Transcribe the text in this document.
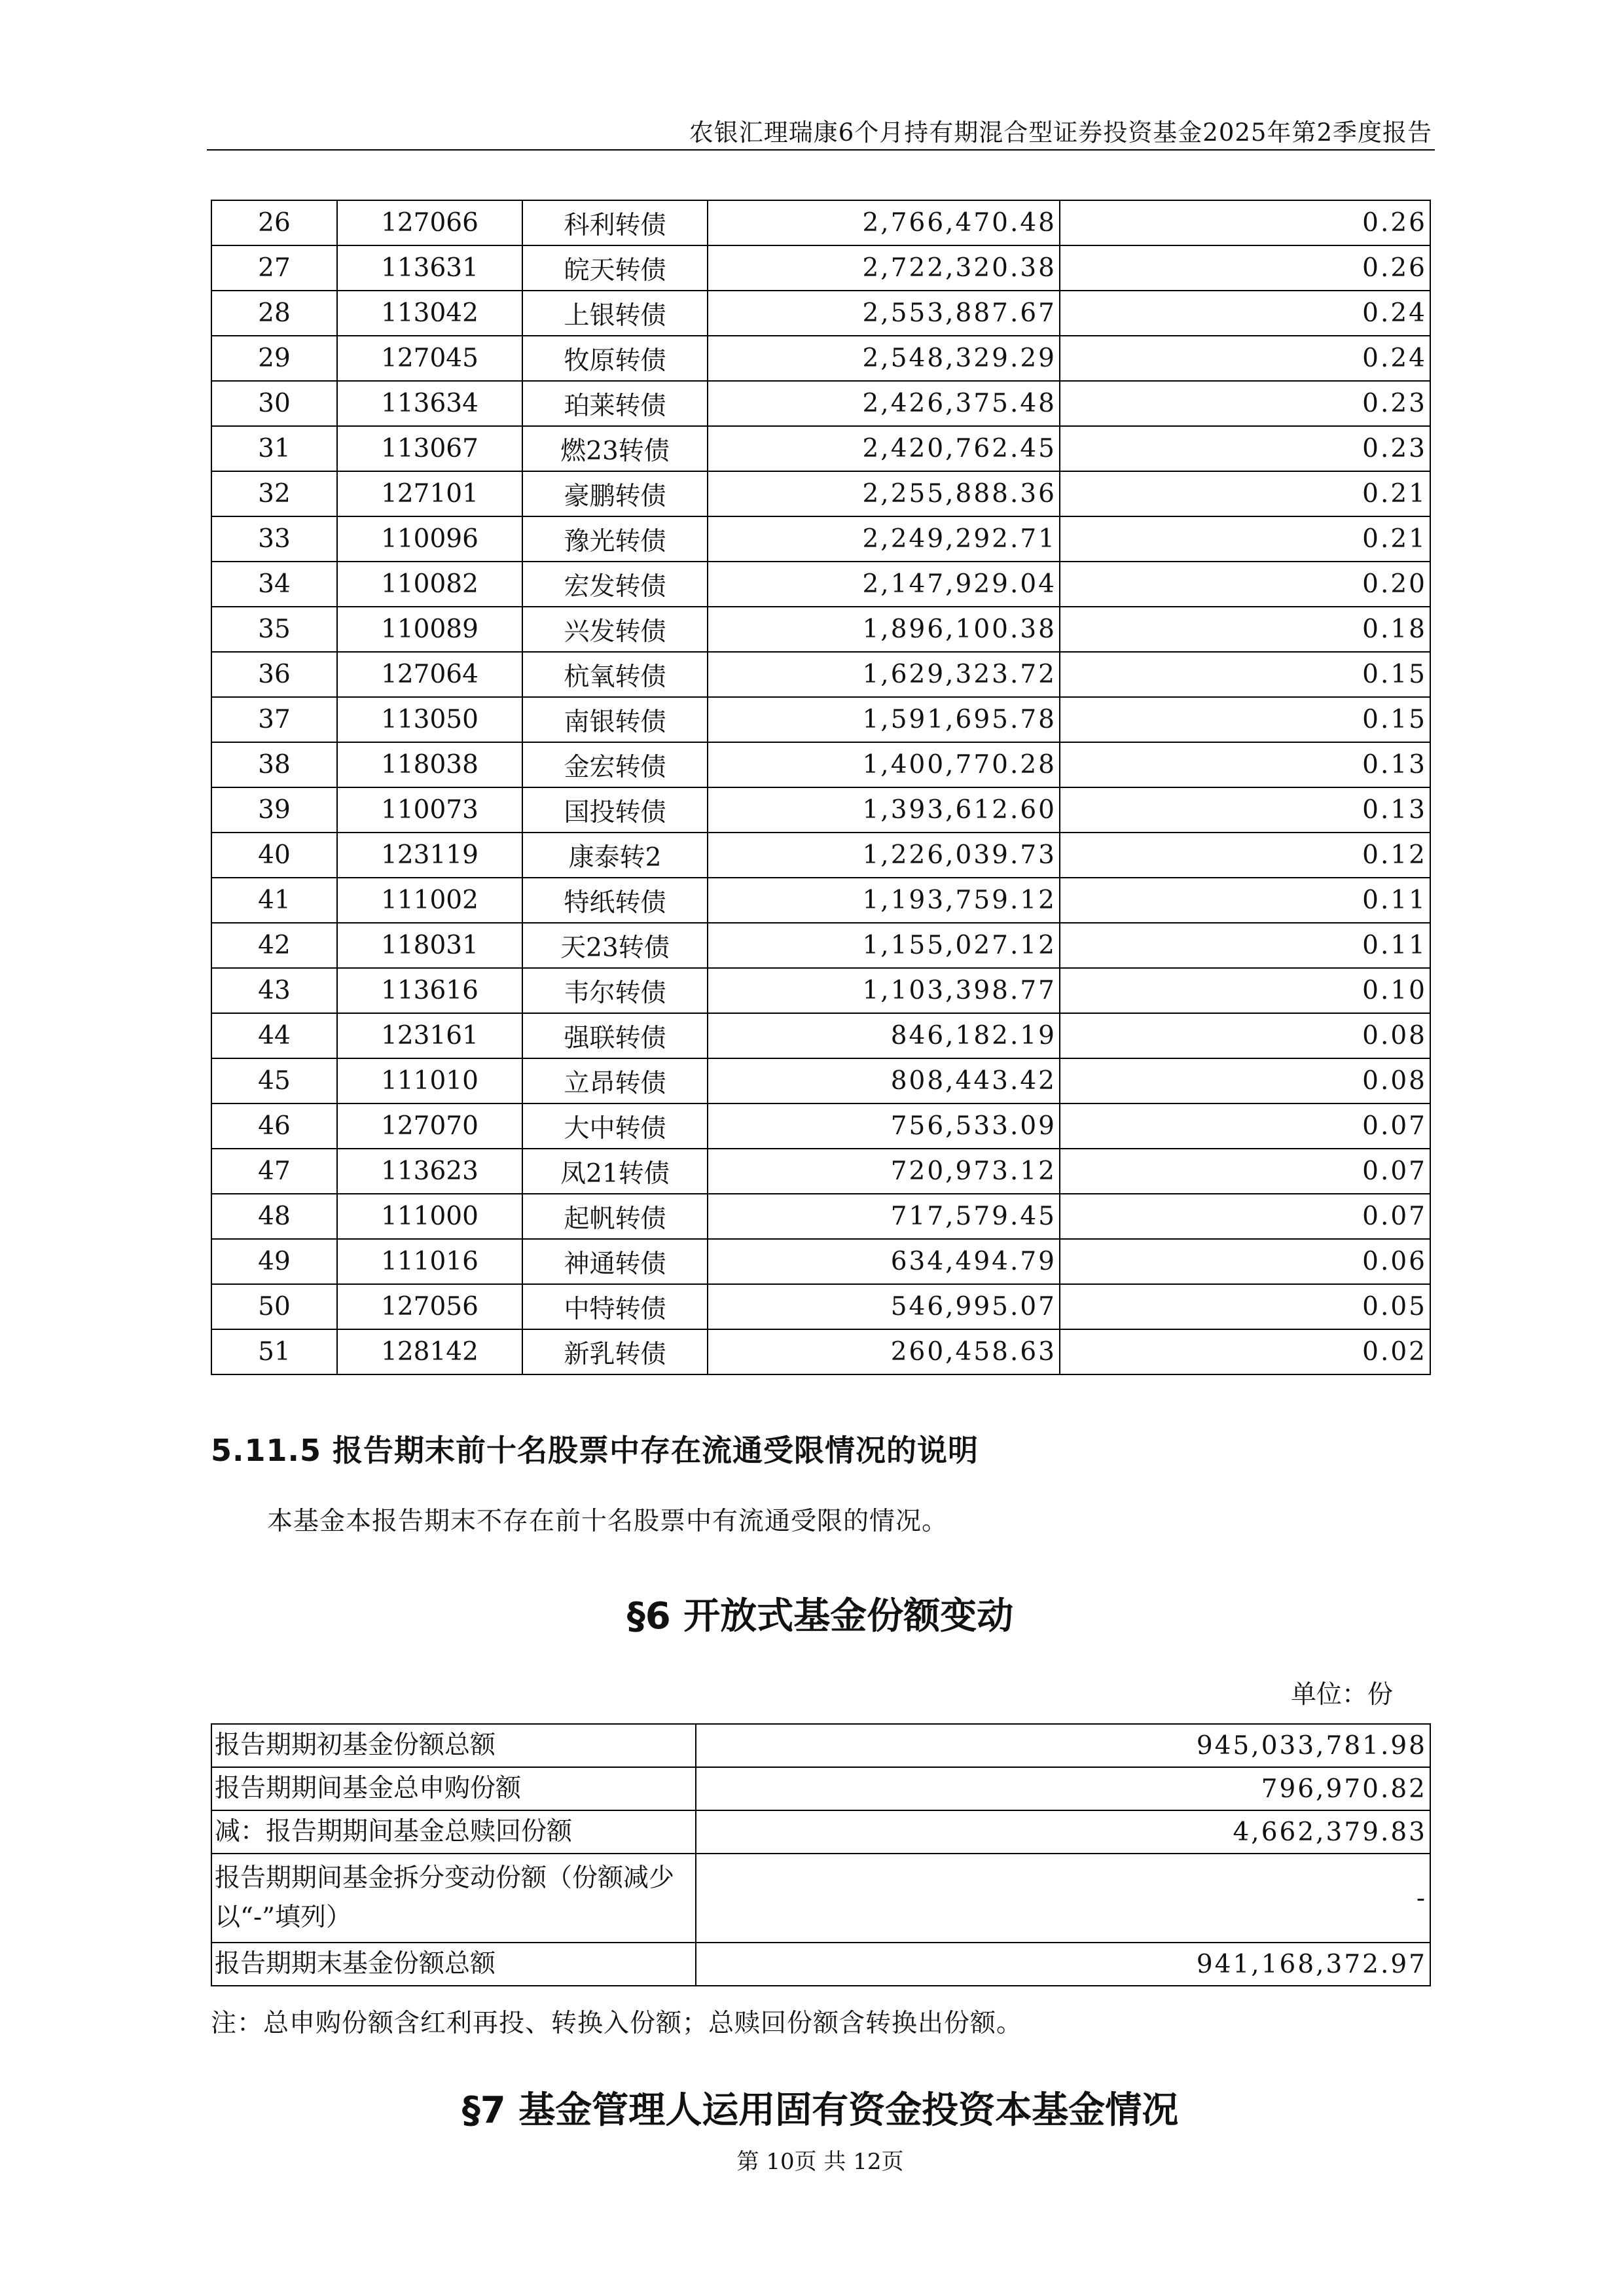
农银汇理瑞康6个月持有期混合型证券投资基金2025年第2季度报告
26	127066	科利转债	2,766,470.48	0.26
27	113631	皖天转债	2,722,320.38	0.26
28	113042	上银转债	2,553,887.67	0.24
29	127045	牧原转债	2,548,329.29	0.24
30	113634	珀莱转债	2,426,375.48	0.23
31	113067	燃23转债	2,420,762.45	0.23
32	127101	豪鹏转债	2,255,888.36	0.21
33	110096	豫光转债	2,249,292.71	0.21
34	110082	宏发转债	2,147,929.04	0.20
35	110089	兴发转债	1,896,100.38	0.18
36	127064	杭氧转债	1,629,323.72	0.15
37	113050	南银转债	1,591,695.78	0.15
38	118038	金宏转债	1,400,770.28	0.13
39	110073	国投转债	1,393,612.60	0.13
40	123119	康泰转2	1,226,039.73	0.12
41	111002	特纸转债	1,193,759.12	0.11
42	118031	天23转债	1,155,027.12	0.11
43	113616	韦尔转债	1,103,398.77	0.10
44	123161	强联转债	846,182.19	0.08
45	111010	立昂转债	808,443.42	0.08
46	127070	大中转债	756,533.09	0.07
47	113623	凤21转债	720,973.12	0.07
48	111000	起帆转债	717,579.45	0.07
49	111016	神通转债	634,494.79	0.06
50	127056	中特转债	546,995.07	0.05
51	128142	新乳转债	260,458.63	0.02
5.11.5 报告期末前十名股票中存在流通受限情况的说明
本基金本报告期末不存在前十名股票中有流通受限的情况。
§6 开放式基金份额变动
单位：份
报告期期初基金份额总额	945,033,781.98
报告期期间基金总申购份额	796,970.82
减：报告期期间基金总赎回份额	4,662,379.83
报告期期间基金拆分变动份额（份额减少以“-”填列）	-
报告期期末基金份额总额	941,168,372.97
注：总申购份额含红利再投、转换入份额；总赎回份额含转换出份额。
§7 基金管理人运用固有资金投资本基金情况
第 10页 共 12页
